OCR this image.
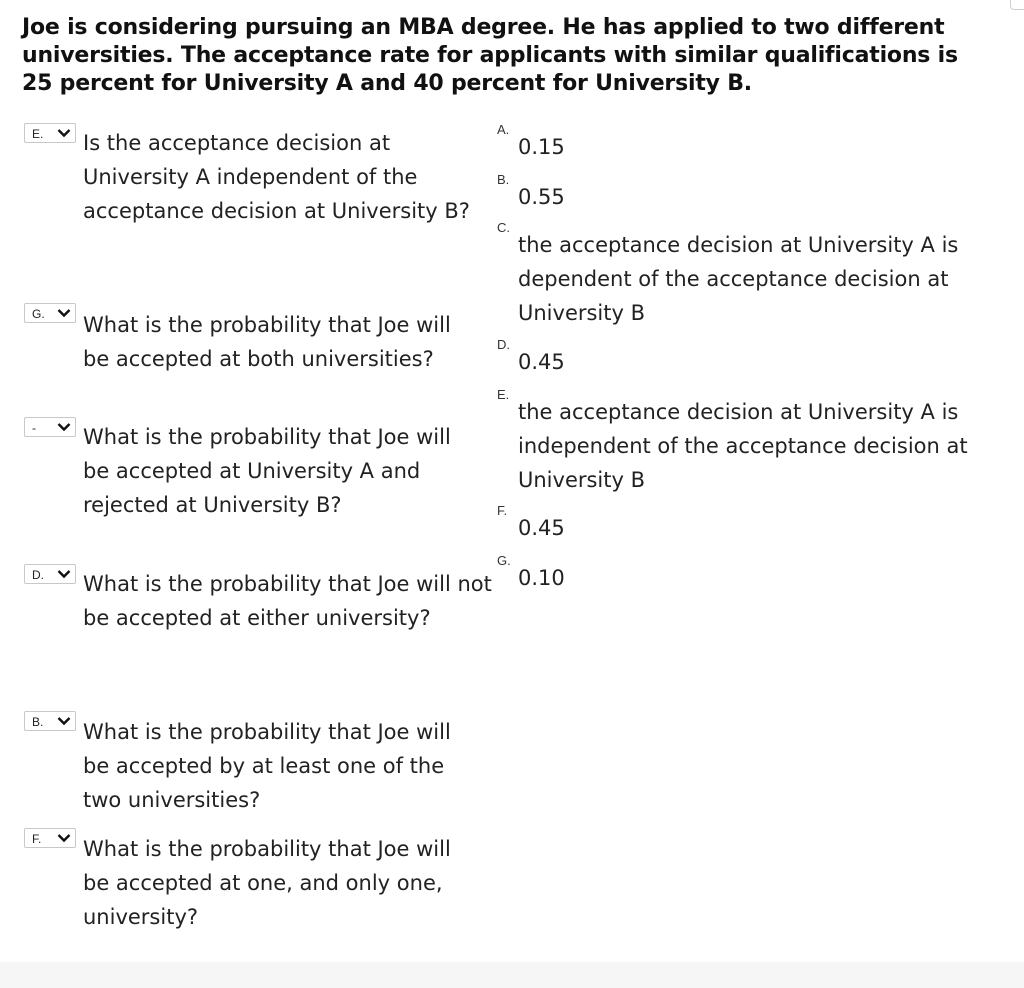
Joe is considering pursuing an MBA degree. He has applied to two different universities. The acceptance rate for applicants with similar qualifications is 25 percent for University A and 40 percent for University B.
E. Is the acceptance decision at University A independent of the acceptance decision at University B?
G. What is the probability that Joe will be accepted at both universities?
- What is the probability that Joe will be accepted at University A and rejected at University B?
D. What is the probability that Joe will not be accepted at either university?
B. What is the probability that Joe will be accepted by at least one of the two universities?
F. What is the probability that Joe will be accepted at one, and only one, university?
A.
0.15
B.
0.55
C.
the acceptance decision at University A is dependent of the acceptance decision at University B
D.
0.45
E.
the acceptance decision at University A is independent of the acceptance decision at University B
F.
0.45
G.
0.10
